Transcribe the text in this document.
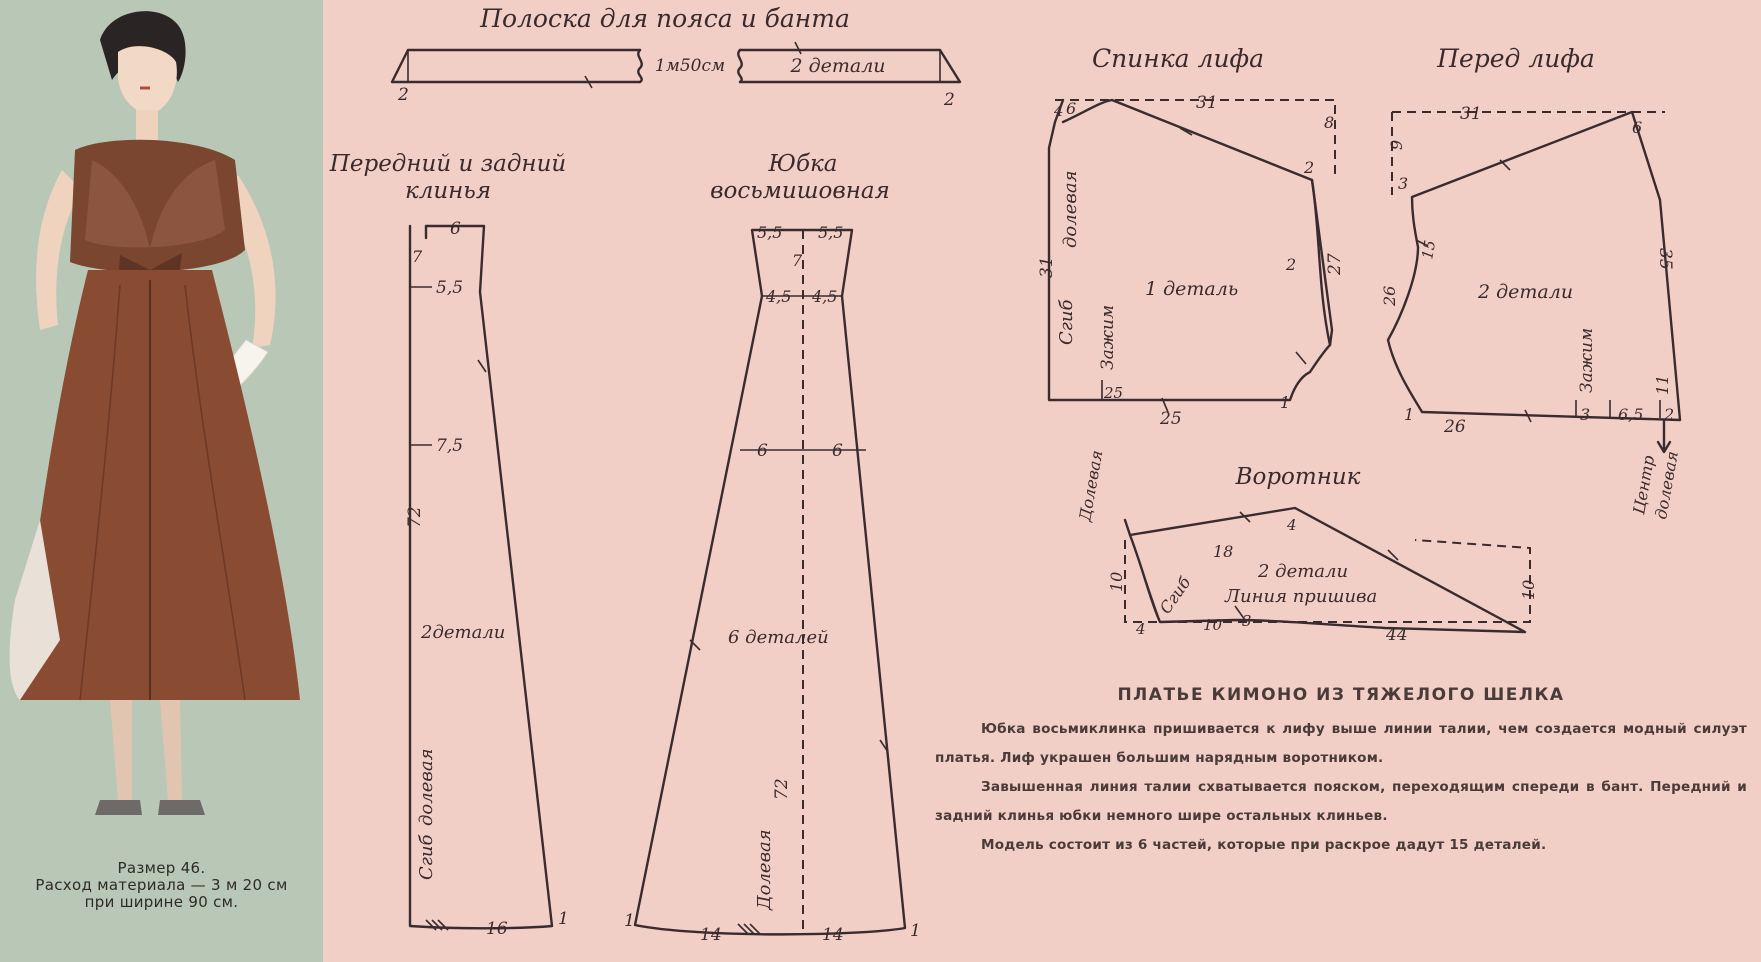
Размер 46.
Расход материала — 3 м 20 см
при ширине 90 см.
Полоска для пояса и банта
1м50см	2 детали
2	2
Передний и задний
клинья
6
7
5,5
7,5
72
2детали
Сгиб
долевая
16	1
Юбка
восьмишовная
5,5 5,5
7
4,5 4,5
6	6
72
6 деталей
Долевая
14	14
1	1
Спинка лифа
4 6	31
8
2
27
2
31
долевая
Сгиб Зажим
1 деталь
25
25
1
Перед лифа
31
6
9
3
15
26
35
2 детали
Зажим	11
1
26
3 6,5 2
Центр
долевая
Воротник
Долевая
18
4
10 Сгиб
2 детали
Линия пришива	10
10 3
44
4
ПЛАТЬЕ КИМОНО ИЗ ТЯЖЕЛОГО ШЕЛКА

Юбка восьмиклинка пришивается к лифу выше линии талии, чем создается модный силуэт платья. Лиф украшен большим нарядным воротником.

Завышенная линия талии схватывается пояском, переходящим спереди в бант. Передний и задний клинья юбки немного шире остальных клиньев.

Модель состоит из 6 частей, которые при раскрое дадут 15 деталей.
